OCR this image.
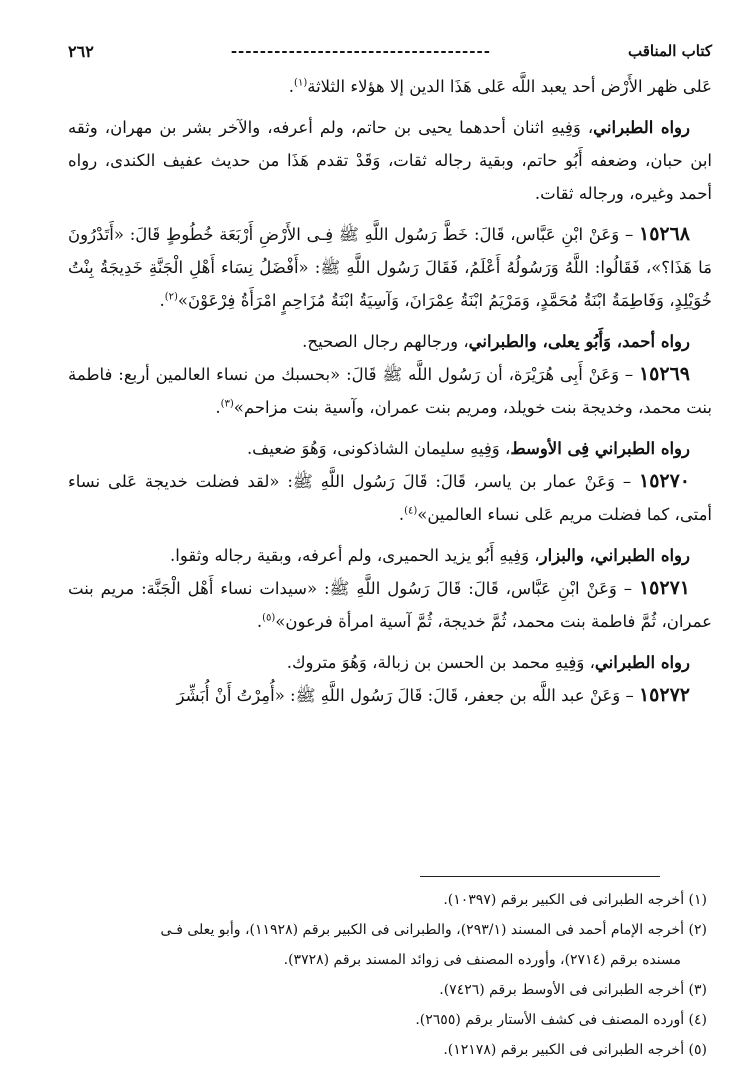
كتاب المناقب
------------------------------------
٢٦٢

عَلى ظهر الأَرْض أحد يعبد اللَّه عَلى هَذَا الدين إلا هؤلاء الثلاثة$^{(١)}$.

رواه الطبراني، وَفِيهِ اثنان أحدهما يحيى بن حاتم، ولم أعرفه، والآخر بشر بن مهران، وثقه ابن حبان، وضعفه أَبُو حاتم، وبقية رجاله ثقات، وَقَدْ تقدم هَذَا من حديث عفيف الكندى، رواه أحمد وغيره، ورجاله ثقات.

١٥٢٦٨ – وَعَنْ ابْنِ عَبَّاس، قَالَ: خَطَّ رَسُول اللَّهِ ﷺ فِـى الأَرْضِ أَرْبَعَة خُطُوطٍ قَالَ: «أَتَدْرُونَ مَا هَذَا؟»، فَقَالُوا: اللَّهُ وَرَسُولُهُ أَعْلَمُ، فَقَالَ رَسُول اللَّهِ ﷺ: «أَفْضَلُ نِسَاء أَهْلِ الْجَنَّةِ خَدِيجَةُ بِنْتُ خُوَيْلِدٍ، وَفَاطِمَةُ ابْنَةُ مُحَمَّدٍ، وَمَرْيَمُ ابْنَةُ عِمْرَانَ، وَآسِيَةُ ابْنَةُ مُزَاحِمٍ امْرَأَةُ فِرْعَوْنَ»$^{(٢)}$.

رواه أحمد، وَأَبُو يعلى، والطبراني، ورجالهم رجال الصحيح.

١٥٢٦٩ – وَعَنْ أَبِى هُرَيْرَة، أن رَسُول اللَّه ﷺ قَالَ: «بحسبك من نساء العالمين أربع: فاطمة بنت محمد، وخديجة بنت خويلد، ومريم بنت عمران، وآسية بنت مزاحم»$^{(٣)}$.

رواه الطبراني فِى الأوسط، وَفِيهِ سليمان الشاذكونى، وَهُوَ ضعيف.

١٥٢٧٠ – وَعَنْ عمار بن ياسر، قَالَ: قَالَ رَسُول اللَّهِ ﷺ: «لقد فضلت خديجة عَلى نساء أمتى، كما فضلت مريم عَلى نساء العالمين»$^{(٤)}$.

رواه الطبراني، والبزار، وَفِيهِ أَبُو يزيد الحميرى، ولم أعرفه، وبقية رجاله وثقوا.

١٥٢٧١ – وَعَنْ ابْنِ عَبَّاس، قَالَ: قَالَ رَسُول اللَّهِ ﷺ: «سيدات نساء أَهْل الْجَنَّة: مريم بنت عمران، ثُمَّ فاطمة بنت محمد، ثُمَّ خديجة، ثُمَّ آسية امرأة فرعون»$^{(٥)}$.

رواه الطبراني، وَفِيهِ محمد بن الحسن بن زبالة، وَهُوَ متروك.

١٥٢٧٢ – وَعَنْ عبد اللَّه بن جعفر، قَالَ: قَالَ رَسُول اللَّهِ ﷺ: «أُمِرْتُ أَنْ أُبَشِّرَ

(١) أخرجه الطبرانى فى الكبير برقم (١٠٣٩٧).

(٢) أخرجه الإمام أحمد فى المسند (٢٩٣/١)، والطبرانى فى الكبير برقم (١١٩٢٨)، وأبو يعلى فـى

مسنده برقم (٢٧١٤)، وأورده المصنف فى زوائد المسند برقم (٣٧٢٨).

(٣) أخرجه الطبرانى فى الأوسط برقم (٧٤٢٦).

(٤) أورده المصنف فى كشف الأستار برقم (٢٦٥٥).

(٥) أخرجه الطبرانى فى الكبير برقم (١٢١٧٨).
